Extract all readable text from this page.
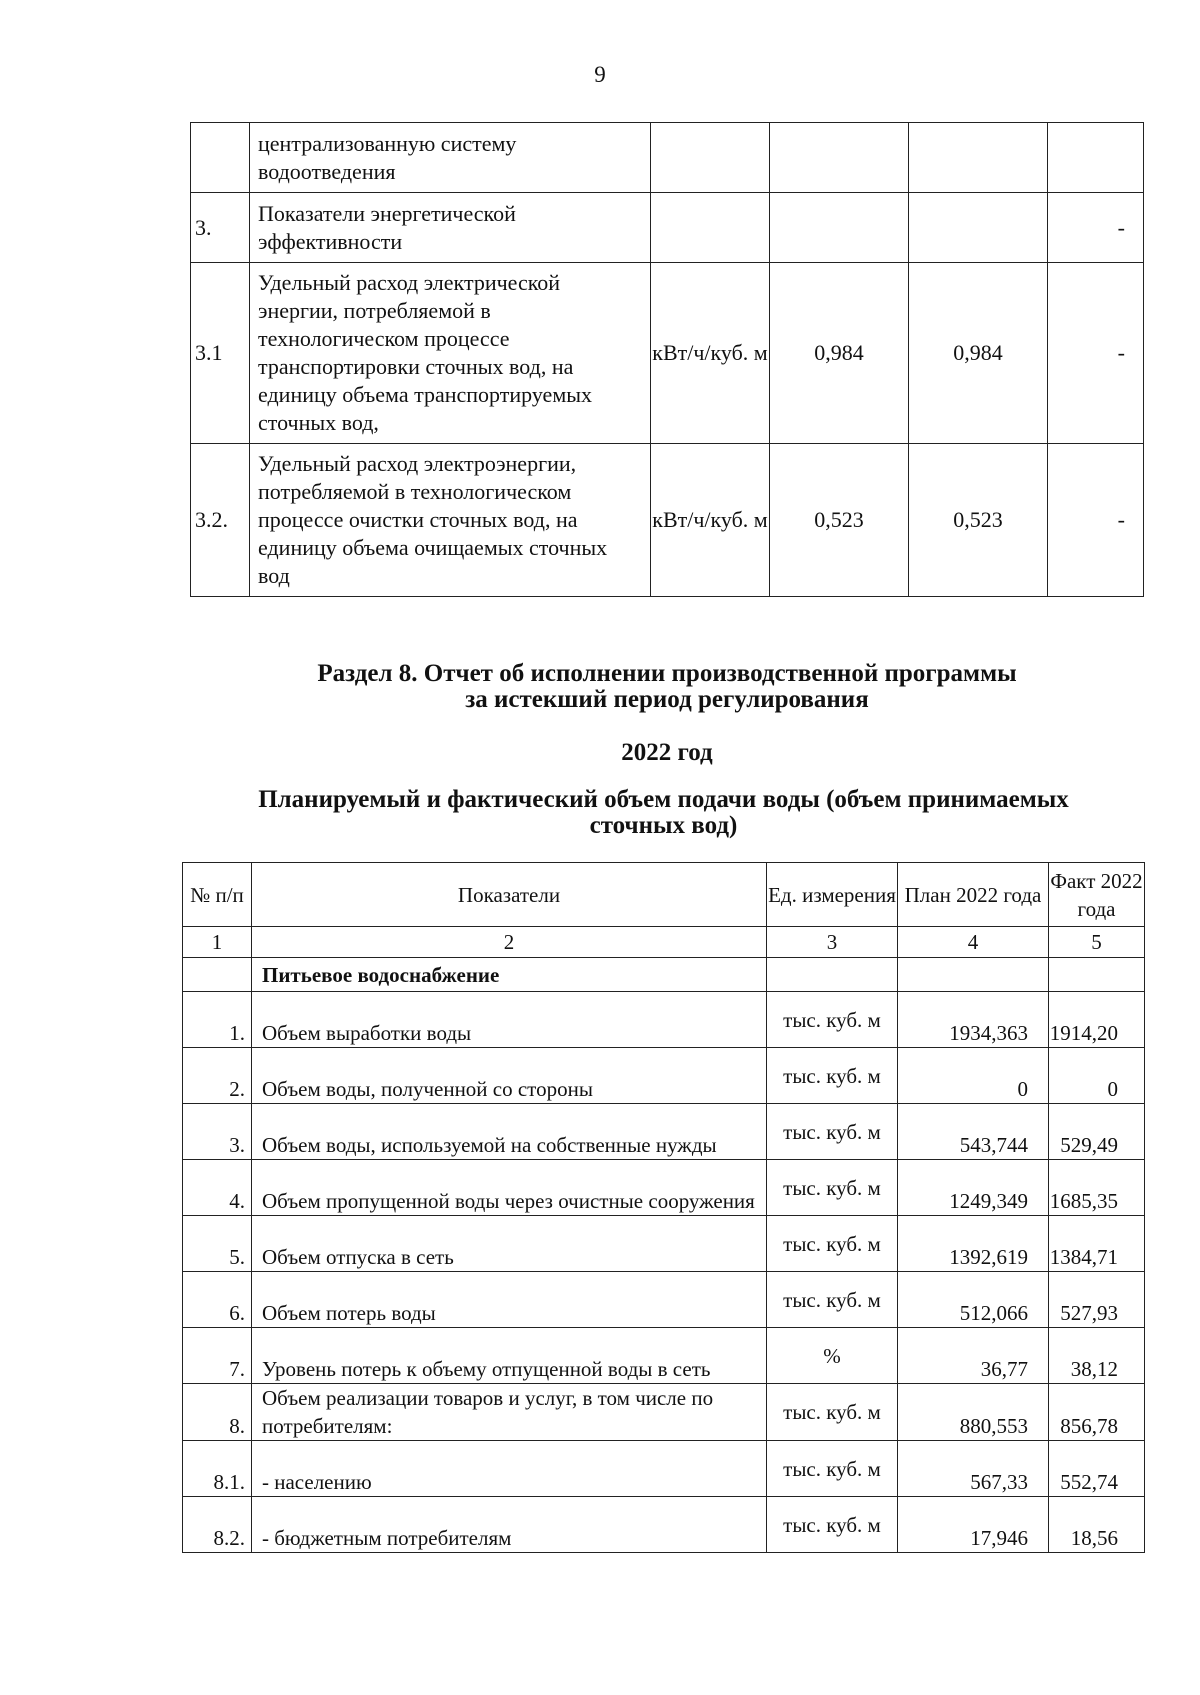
9
	централизованную систему водоотведения				
3.	Показатели энергетической эффективности				-
3.1	Удельный расход электрической энергии, потребляемой в технологическом процессе транспортировки сточных вод, на единицу объема транспортируемых сточных вод,	кВт/ч/куб. м	0,984	0,984	-
3.2.	Удельный расход электроэнергии, потребляемой в технологическом процессе очистки сточных вод, на единицу объема очищаемых сточных вод	кВт/ч/куб. м	0,523	0,523	-
Раздел 8. Отчет об исполнении производственной программы
за истекший период регулирования
2022 год
Планируемый и фактический объем подачи воды (объем принимаемых
сточных вод)
№ п/п	Показатели	Ед. измерения	План 2022 года	Факт 2022 года
1	2	3	4	5
	Питьевое водоснабжение			
1.	Объем выработки воды	тыс. куб. м	1934,363	1914,20
2.	Объем воды, полученной со стороны	тыс. куб. м	0	0
3.	Объем воды, используемой на собственные нужды	тыс. куб. м	543,744	529,49
4.	Объем пропущенной воды через очистные сооружения	тыс. куб. м	1249,349	1685,35
5.	Объем отпуска в сеть	тыс. куб. м	1392,619	1384,71
6.	Объем потерь воды	тыс. куб. м	512,066	527,93
7.	Уровень потерь к объему отпущенной воды в сеть	%	36,77	38,12
8.	Объем реализации товаров и услуг, в том числе по потребителям:	тыс. куб. м	880,553	856,78
8.1.	- населению	тыс. куб. м	567,33	552,74
8.2.	- бюджетным потребителям	тыс. куб. м	17,946	18,56
